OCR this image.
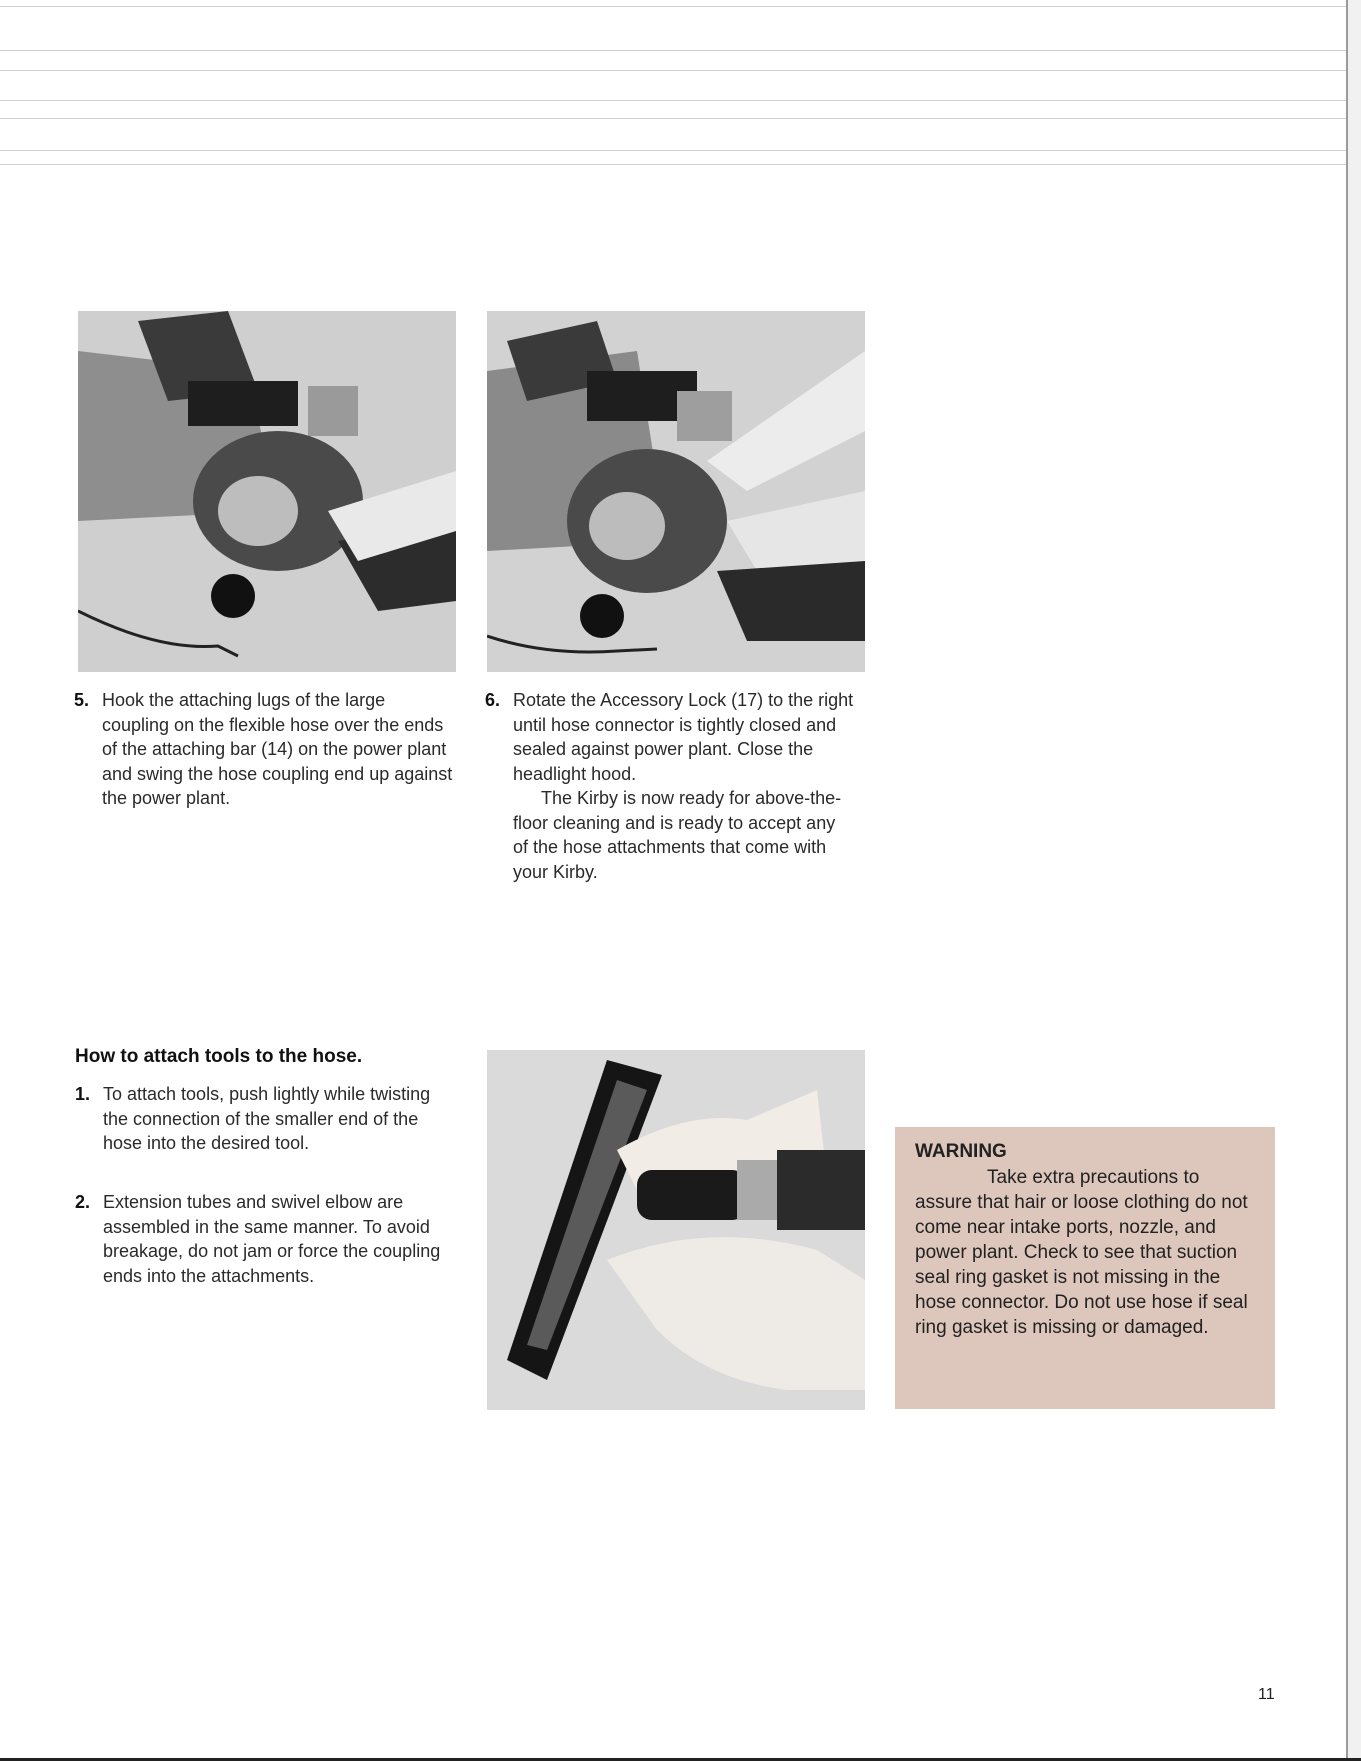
5. Hook the attaching lugs of the large coupling on the flexible hose over the ends of the attaching bar (14) on the power plant and swing the hose coupling end up against the power plant.
6. Rotate the Accessory Lock (17) to the right until hose connector is tightly closed and sealed against power plant. Close the headlight hood.
The Kirby is now ready for above-the-floor cleaning and is ready to accept any of the hose attachments that come with your Kirby.
How to attach tools to the hose.
1. To attach tools, push lightly while twisting the connection of the smaller end of the hose into the desired tool.
2. Extension tubes and swivel elbow are assembled in the same manner. To avoid breakage, do not jam or force the coupling ends into the attachments.
WARNING
Take extra precautions to assure that hair or loose clothing do not come near intake ports, nozzle, and power plant. Check to see that suction seal ring gasket is not missing in the hose connector. Do not use hose if seal ring gasket is missing or damaged.
11
